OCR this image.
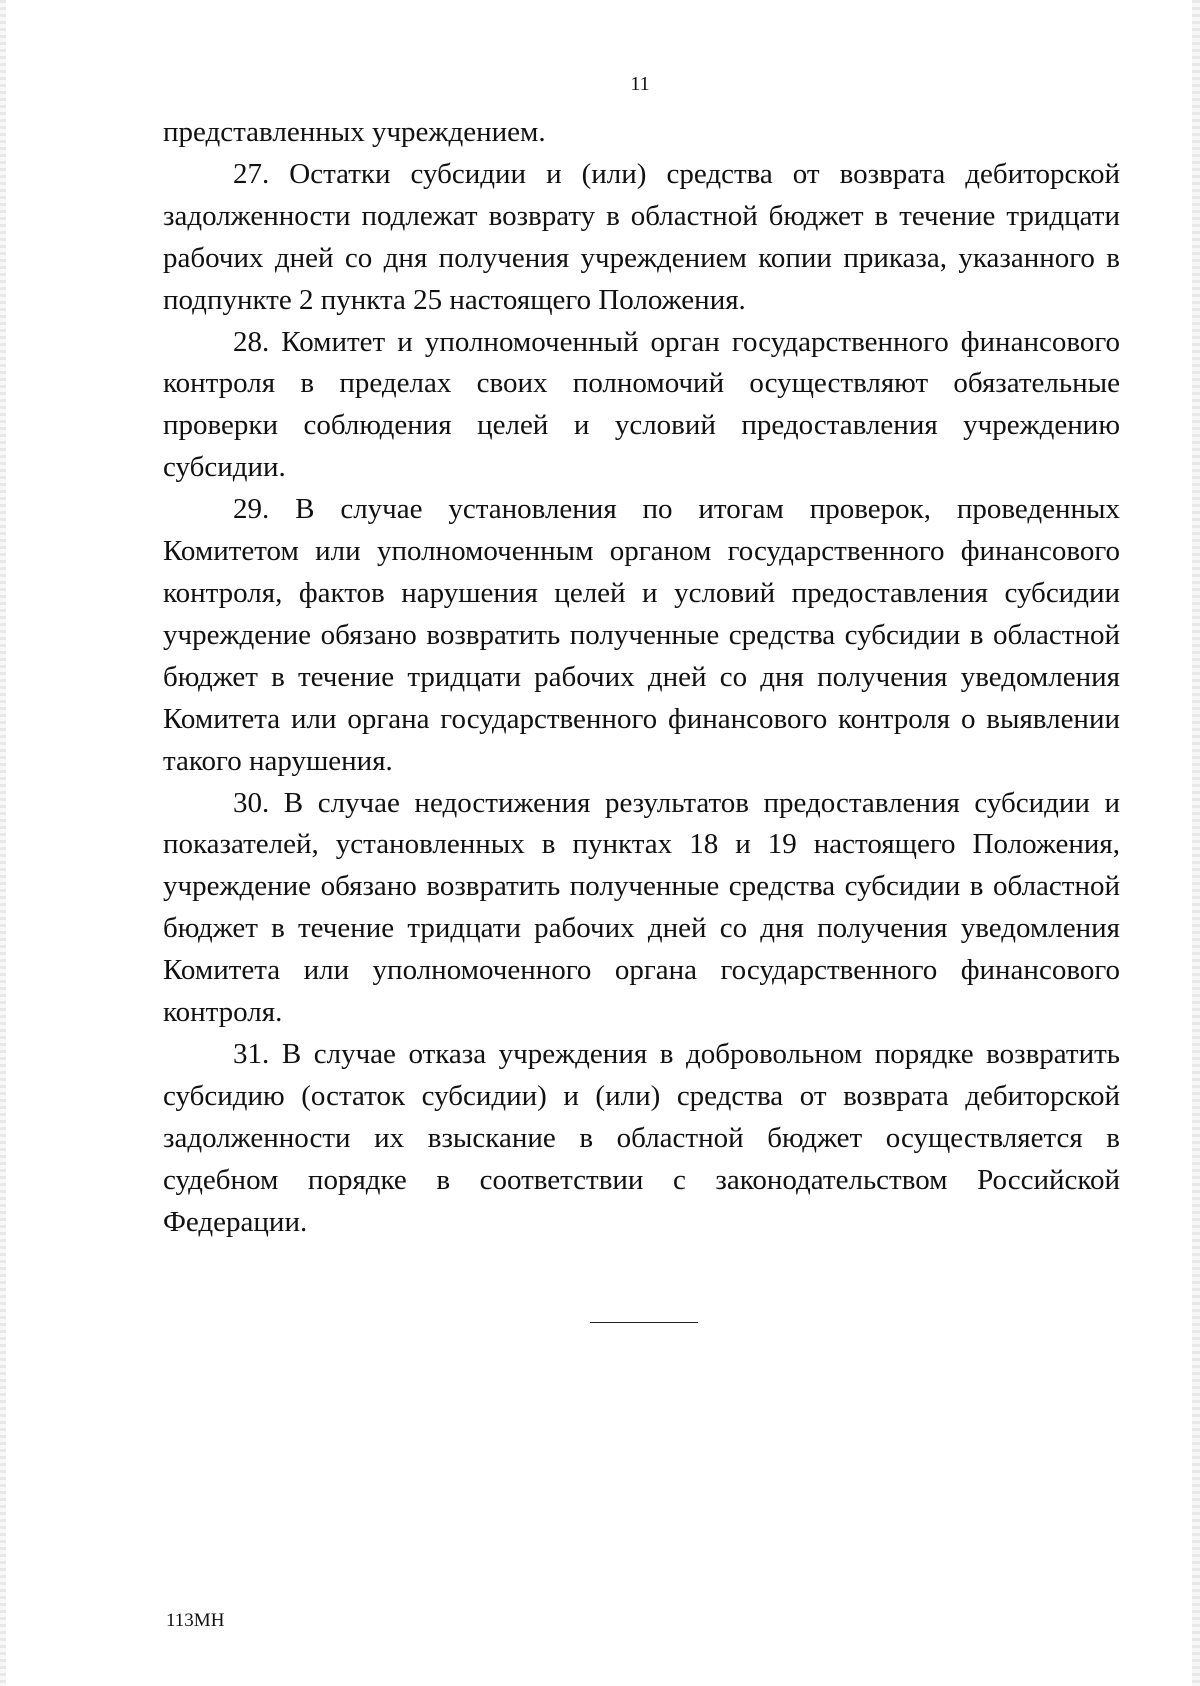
11

представленных учреждением.

27. Остатки субсидии и (или) средства от возврата дебиторской задолженности подлежат возврату в областной бюджет в течение тридцати рабочих дней со дня получения учреждением копии приказа, указанного в подпункте 2 пункта 25 настоящего Положения.

28. Комитет и уполномоченный орган государственного финансового контроля в пределах своих полномочий осуществляют обязательные проверки соблюдения целей и условий предоставления учреждению субсидии.

29. В случае установления по итогам проверок, проведенных Комитетом или уполномоченным органом государственного финансового контроля, фактов нарушения целей и условий предоставления субсидии учреждение обязано возвратить полученные средства субсидии в областной бюджет в течение тридцати рабочих дней со дня получения уведомления Комитета или органа государственного финансового контроля о выявлении такого нарушения.

30. В случае недостижения результатов предоставления субсидии и показателей, установленных в пунктах 18 и 19 настоящего Положения, учреждение обязано возвратить полученные средства субсидии в областной бюджет в течение тридцати рабочих дней со дня получения уведомления Комитета или уполномоченного органа государственного финансового контроля.

31. В случае отказа учреждения в добровольном порядке возвратить субсидию (остаток субсидии) и (или) средства от возврата дебиторской задолженности их взыскание в областной бюджет осуществляется в судебном порядке в соответствии с законодательством Российской Федерации.

113МН
